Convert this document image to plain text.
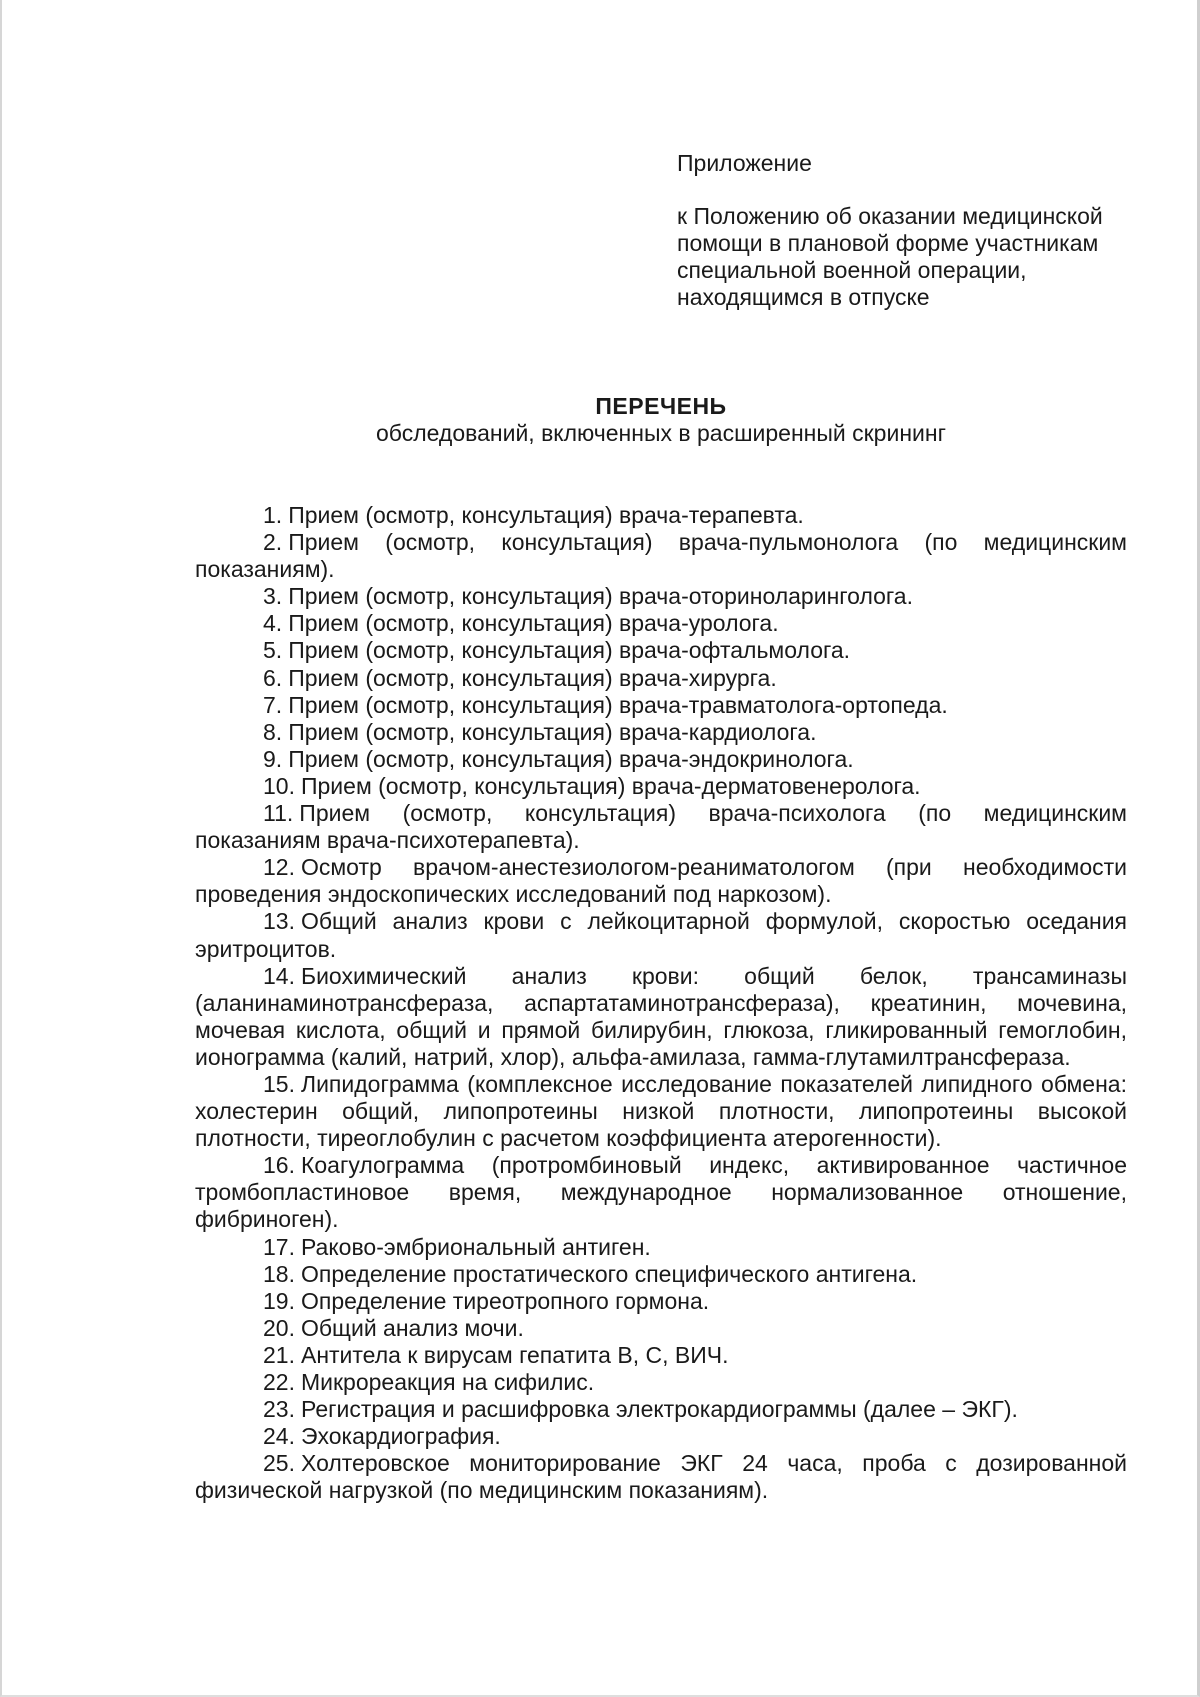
Приложение

к Положению об оказании медицинской помощи в плановой форме участникам специальной военной операции, находящимся в отпуске

ПЕРЕЧЕНЬ
обследований, включенных в расширенный скрининг
1. Прием (осмотр, консультация) врача-терапевта.
2. Прием (осмотр, консультация) врача-пульмонолога (по медицинским показаниям).
3. Прием (осмотр, консультация) врача-оториноларинголога.
4. Прием (осмотр, консультация) врача-уролога.
5. Прием (осмотр, консультация) врача-офтальмолога.
6. Прием (осмотр, консультация) врача-хирурга.
7. Прием (осмотр, консультация) врача-травматолога-ортопеда.
8. Прием (осмотр, консультация) врача-кардиолога.
9. Прием (осмотр, консультация) врача-эндокринолога.
10. Прием (осмотр, консультация) врача-дерматовенеролога.
11. Прием (осмотр, консультация) врача-психолога (по медицинским показаниям врача-психотерапевта).
12. Осмотр врачом-анестезиологом-реаниматологом (при необходимости проведения эндоскопических исследований под наркозом).
13. Общий анализ крови с лейкоцитарной формулой, скоростью оседания эритроцитов.
14. Биохимический анализ крови: общий белок, трансаминазы (аланинаминотрансфераза, аспартатаминотрансфераза), креатинин, мочевина, мочевая кислота, общий и прямой билирубин, глюкоза, гликированный гемоглобин, ионограмма (калий, натрий, хлор), альфа-амилаза, гамма-глутамилтрансфераза.
15. Липидограмма (комплексное исследование показателей липидного обмена: холестерин общий, липопротеины низкой плотности, липопротеины высокой плотности, тиреоглобулин с расчетом коэффициента атерогенности).
16. Коагулограмма (протромбиновый индекс, активированное частичное тромбопластиновое время, международное нормализованное отношение, фибриноген).
17. Раково-эмбриональный антиген.
18. Определение простатического специфического антигена.
19. Определение тиреотропного гормона.
20. Общий анализ мочи.
21. Антитела к вирусам гепатита B, C, ВИЧ.
22. Микрореакция на сифилис.
23. Регистрация и расшифровка электрокардиограммы (далее – ЭКГ).
24. Эхокардиография.
25. Холтеровское мониторирование ЭКГ 24 часа, проба с дозированной физической нагрузкой (по медицинским показаниям).
